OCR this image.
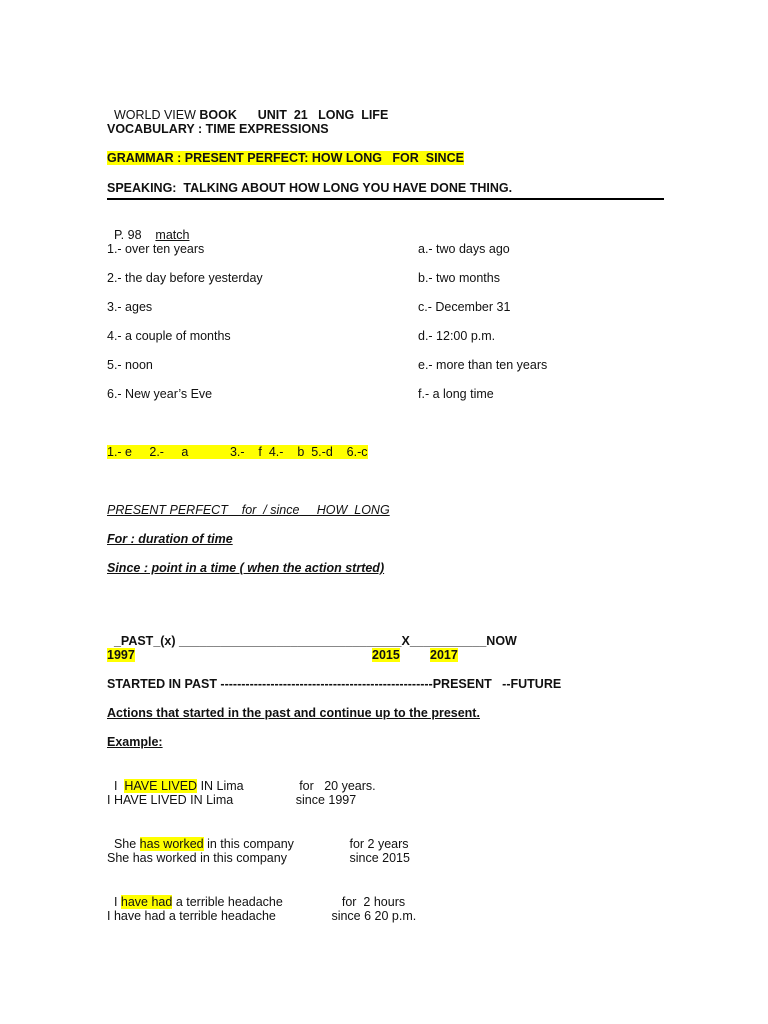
WORLD VIEW BOOK      UNIT  21   LONG  LIFE

VOCABULARY : TIME EXPRESSIONS
GRAMMAR : PRESENT PERFECT: HOW LONG   FOR  SINCE
SPEAKING:  TALKING ABOUT HOW LONG YOU HAVE DONE THING.

P. 98    match

1.- over ten years
2.- the day before yesterday
3.- ages
4.- a couple of months
5.- noon
6.- New year’s Eve
a.- two days ago
b.- two months
c.- December 31
d.- 12:00 p.m.
e.- more than ten years
f.- a long time
1.- e     2.-     a            3.-    f  4.-    b  5.-d    6.-c
PRESENT PERFECT    for  / since     HOW  LONG
For : duration of time
Since : point in a time ( when the action strted)

_PAST_(x) ________________________________X___________NOW

1997	2015 2017
STARTED IN PAST ---------------------------------------------------PRESENT   --FUTURE
Actions that started in the past and continue up to the present.
Example:

I  HAVE LIVED IN Lima                for   20 years.

I HAVE LIVED IN Lima                  since 1997

She has worked in this company                for 2 years

She has worked in this company                  since 2015

I have had a terrible headache                 for  2 hours

I have had a terrible headache                since 6 20 p.m.
